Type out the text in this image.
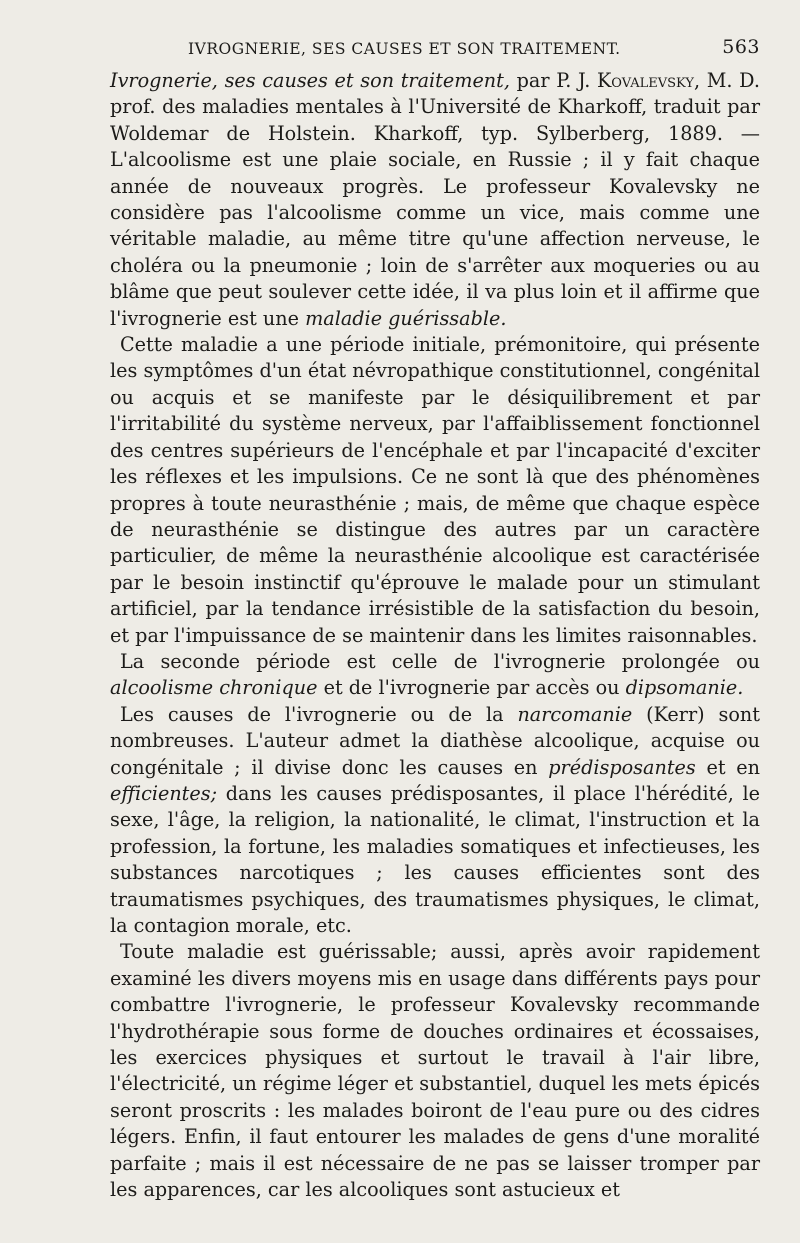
IVROGNERIE, SES CAUSES ET SON TRAITEMENT.	563

Ivrognerie, ses causes et son traitement, par P. J. Kovalevsky, M. D. prof. des maladies mentales à l'Université de Kharkoff, traduit par Woldemar de Holstein. Kharkoff, typ. Sylberberg, 1889. — L'alcoolisme est une plaie sociale, en Russie ; il y fait chaque année de nouveaux progrès. Le professeur Kovalevsky ne considère pas l'alcoolisme comme un vice, mais comme une véritable maladie, au même titre qu'une affection nerveuse, le choléra ou la pneumonie ; loin de s'arrêter aux moqueries ou au blâme que peut soulever cette idée, il va plus loin et il affirme que l'ivrognerie est une maladie guérissable.

Cette maladie a une période initiale, prémonitoire, qui présente les symptômes d'un état névropathique constitutionnel, congénital ou acquis et se manifeste par le désiquilibrement et par l'irritabilité du système nerveux, par l'affaiblissement fonctionnel des centres supérieurs de l'encéphale et par l'incapacité d'exciter les réflexes et les impulsions. Ce ne sont là que des phénomènes propres à toute neurasthénie ; mais, de même que chaque espèce de neurasthénie se distingue des autres par un caractère particulier, de même la neurasthénie alcoolique est caractérisée par le besoin instinctif qu'éprouve le malade pour un stimulant artificiel, par la tendance irrésistible de la satisfaction du besoin, et par l'impuissance de se maintenir dans les limites raisonnables.

La seconde période est celle de l'ivrognerie prolongée ou alcoolisme chronique et de l'ivrognerie par accès ou dipsomanie.

Les causes de l'ivrognerie ou de la narcomanie (Kerr) sont nombreuses. L'auteur admet la diathèse alcoolique, acquise ou congénitale ; il divise donc les causes en prédisposantes et en efficientes; dans les causes prédisposantes, il place l'hérédité, le sexe, l'âge, la religion, la nationalité, le climat, l'instruction et la profession, la fortune, les maladies somatiques et infectieuses, les substances narcotiques ; les causes efficientes sont des traumatismes psychiques, des traumatismes physiques, le climat, la contagion morale, etc.

Toute maladie est guérissable; aussi, après avoir rapidement examiné les divers moyens mis en usage dans différents pays pour combattre l'ivrognerie, le professeur Kovalevsky recommande l'hydrothérapie sous forme de douches ordinaires et écossaises, les exercices physiques et surtout le travail à l'air libre, l'électricité, un régime léger et substantiel, duquel les mets épicés seront proscrits : les malades boiront de l'eau pure ou des cidres légers. Enfin, il faut entourer les malades de gens d'une moralité parfaite ; mais il est nécessaire de ne pas se laisser tromper par les apparences, car les alcooliques sont astucieux et
